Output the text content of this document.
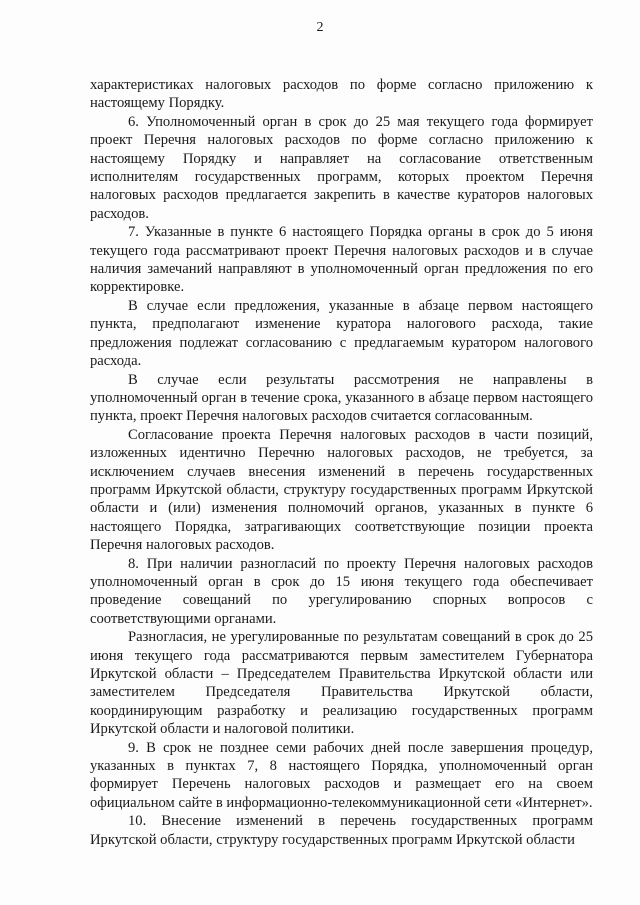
2

характеристиках налоговых расходов по форме согласно приложению к настоящему Порядку.

6. Уполномоченный орган в срок до 25 мая текущего года формирует проект Перечня налоговых расходов по форме согласно приложению к настоящему Порядку и направляет на согласование ответственным исполнителям государственных программ, которых проектом Перечня налоговых расходов предлагается закрепить в качестве кураторов налоговых расходов.

7. Указанные в пункте 6 настоящего Порядка органы в срок до 5 июня текущего года рассматривают проект Перечня налоговых расходов и в случае наличия замечаний направляют в уполномоченный орган предложения по его корректировке.

В случае если предложения, указанные в абзаце первом настоящего пункта, предполагают изменение куратора налогового расхода, такие предложения подлежат согласованию с предлагаемым куратором налогового расхода.

В случае если результаты рассмотрения не направлены в уполномоченный орган в течение срока, указанного в абзаце первом настоящего пункта, проект Перечня налоговых расходов считается согласованным.

Согласование проекта Перечня налоговых расходов в части позиций, изложенных идентично Перечню налоговых расходов, не требуется, за исключением случаев внесения изменений в перечень государственных программ Иркутской области, структуру государственных программ Иркутской области и (или) изменения полномочий органов, указанных в пункте 6 настоящего Порядка, затрагивающих соответствующие позиции проекта Перечня налоговых расходов.

8. При наличии разногласий по проекту Перечня налоговых расходов уполномоченный орган в срок до 15 июня текущего года обеспечивает проведение совещаний по урегулированию спорных вопросов с соответствующими органами.

Разногласия, не урегулированные по результатам совещаний в срок до 25 июня текущего года рассматриваются первым заместителем Губернатора Иркутской области – Председателем Правительства Иркутской области или заместителем Председателя Правительства Иркутской области, координирующим разработку и реализацию государственных программ Иркутской области и налоговой политики.

9. В срок не позднее семи рабочих дней после завершения процедур, указанных в пунктах 7, 8 настоящего Порядка, уполномоченный орган формирует Перечень налоговых расходов и размещает его на своем официальном сайте в информационно-телекоммуникационной сети «Интернет».

10. Внесение изменений в перечень государственных программ Иркутской области, структуру государственных программ Иркутской области
